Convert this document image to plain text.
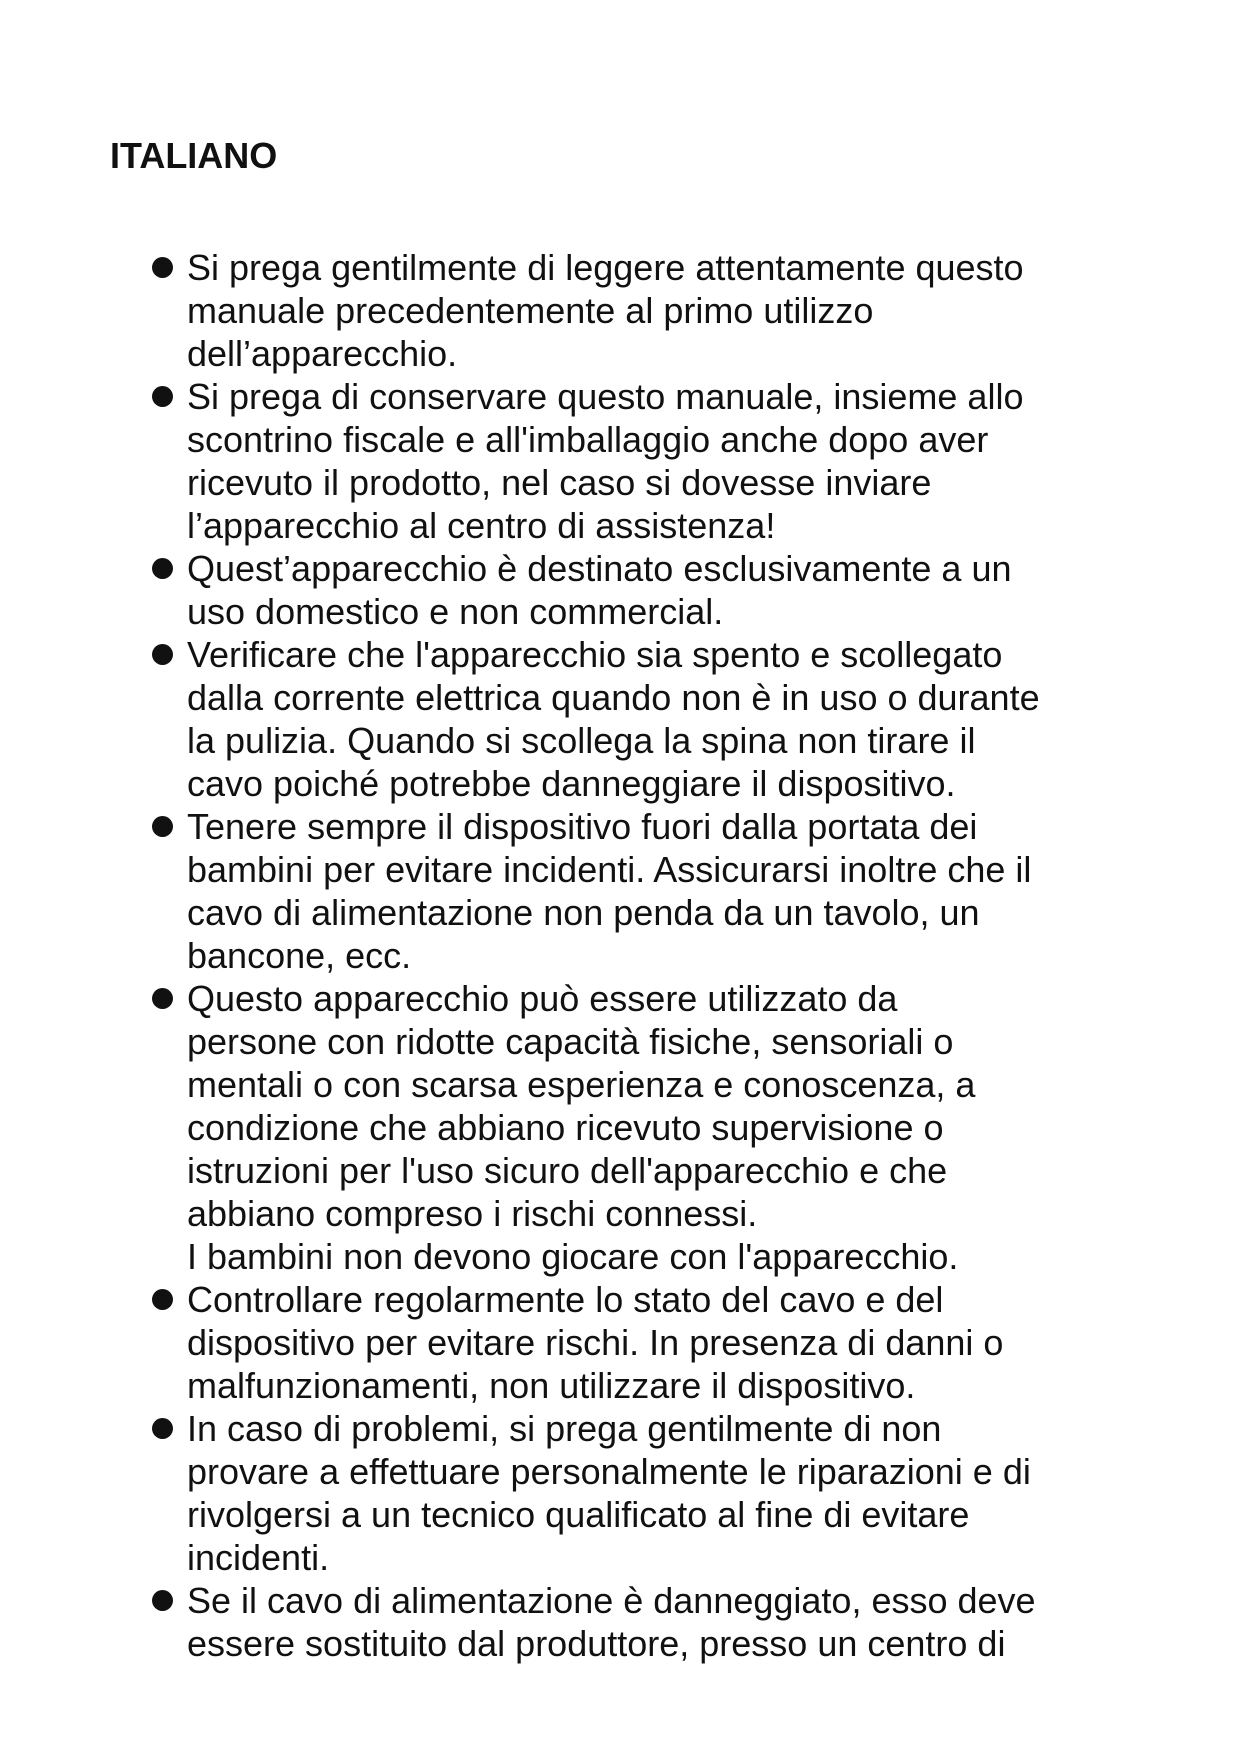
ITALIANO
Si prega gentilmente di leggere attentamente questo
manuale precedentemente al primo utilizzo
dell’apparecchio.
Si prega di conservare questo manuale, insieme allo
scontrino fiscale e all'imballaggio anche dopo aver
ricevuto il prodotto, nel caso si dovesse inviare
l’apparecchio al centro di assistenza!
Quest’apparecchio è destinato esclusivamente a un
uso domestico e non commercial.
Verificare che l'apparecchio sia spento e scollegato
dalla corrente elettrica quando non è in uso o durante
la pulizia. Quando si scollega la spina non tirare il
cavo poiché potrebbe danneggiare il dispositivo.
Tenere sempre il dispositivo fuori dalla portata dei
bambini per evitare incidenti. Assicurarsi inoltre che il
cavo di alimentazione non penda da un tavolo, un
bancone, ecc.
Questo apparecchio può essere utilizzato da
persone con ridotte capacità fisiche, sensoriali o
mentali o con scarsa esperienza e conoscenza, a
condizione che abbiano ricevuto supervisione o
istruzioni per l'uso sicuro dell'apparecchio e che
abbiano compreso i rischi connessi.
I bambini non devono giocare con l'apparecchio.
Controllare regolarmente lo stato del cavo e del
dispositivo per evitare rischi. In presenza di danni o
malfunzionamenti, non utilizzare il dispositivo.
In caso di problemi, si prega gentilmente di non
provare a effettuare personalmente le riparazioni e di
rivolgersi a un tecnico qualificato al fine di evitare
incidenti.
Se il cavo di alimentazione è danneggiato, esso deve
essere sostituito dal produttore, presso un centro di
